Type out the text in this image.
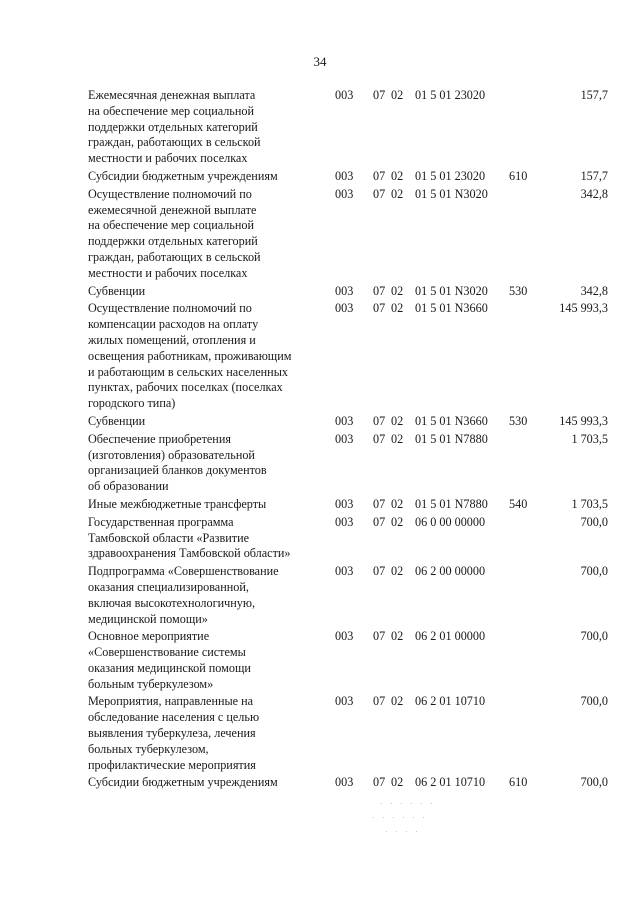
34
Ежемесячная денежная выплата
на обеспечение мер социальной
поддержки отдельных категорий
граждан, работающих в сельской
местности и рабочих поселках
003 07 02 01 5 01 23020	157,7
Субсидии бюджетным учреждениям	003 07 02 01 5 01 23020 610	157,7
Осуществление полномочий по
ежемесячной денежной выплате
на обеспечение мер социальной
поддержки отдельных категорий
граждан, работающих в сельской
местности и рабочих поселках
003 07 02 01 5 01 N3020	342,8
Субвенции	003 07 02 01 5 01 N3020 530	342,8
Осуществление полномочий по
компенсации расходов на оплату
жилых помещений, отопления и
освещения работникам, проживающим
и работающим в сельских населенных
пунктах, рабочих поселках (поселках
городского типа)
003 07 02 01 5 01 N3660	145 993,3
Субвенции	003 07 02 01 5 01 N3660 530	145 993,3
Обеспечение приобретения
(изготовления) образовательной
организацией бланков документов
об образовании
003 07 02 01 5 01 N7880	1 703,5
Иные межбюджетные трансферты	003 07 02 01 5 01 N7880 540	1 703,5
Государственная программа
Тамбовской области «Развитие
здравоохранения Тамбовской области»
003 07 02 06 0 00 00000	700,0
Подпрограмма «Совершенствование
оказания специализированной,
включая высокотехнологичную,
медицинской помощи»
003 07 02 06 2 00 00000	700,0
Основное мероприятие
«Совершенствование системы
оказания медицинской помощи
больным туберкулезом»
003 07 02 06 2 01 00000	700,0
Мероприятия, направленные на
обследование населения с целью
выявления туберкулеза, лечения
больных туберкулезом,
профилактические мероприятия
003 07 02 06 2 01 10710	700,0
Субсидии бюджетным учреждениям	003 07 02 06 2 01 10710 610	700,0
· · · · · ·
· · · · · ·
· · · ·
